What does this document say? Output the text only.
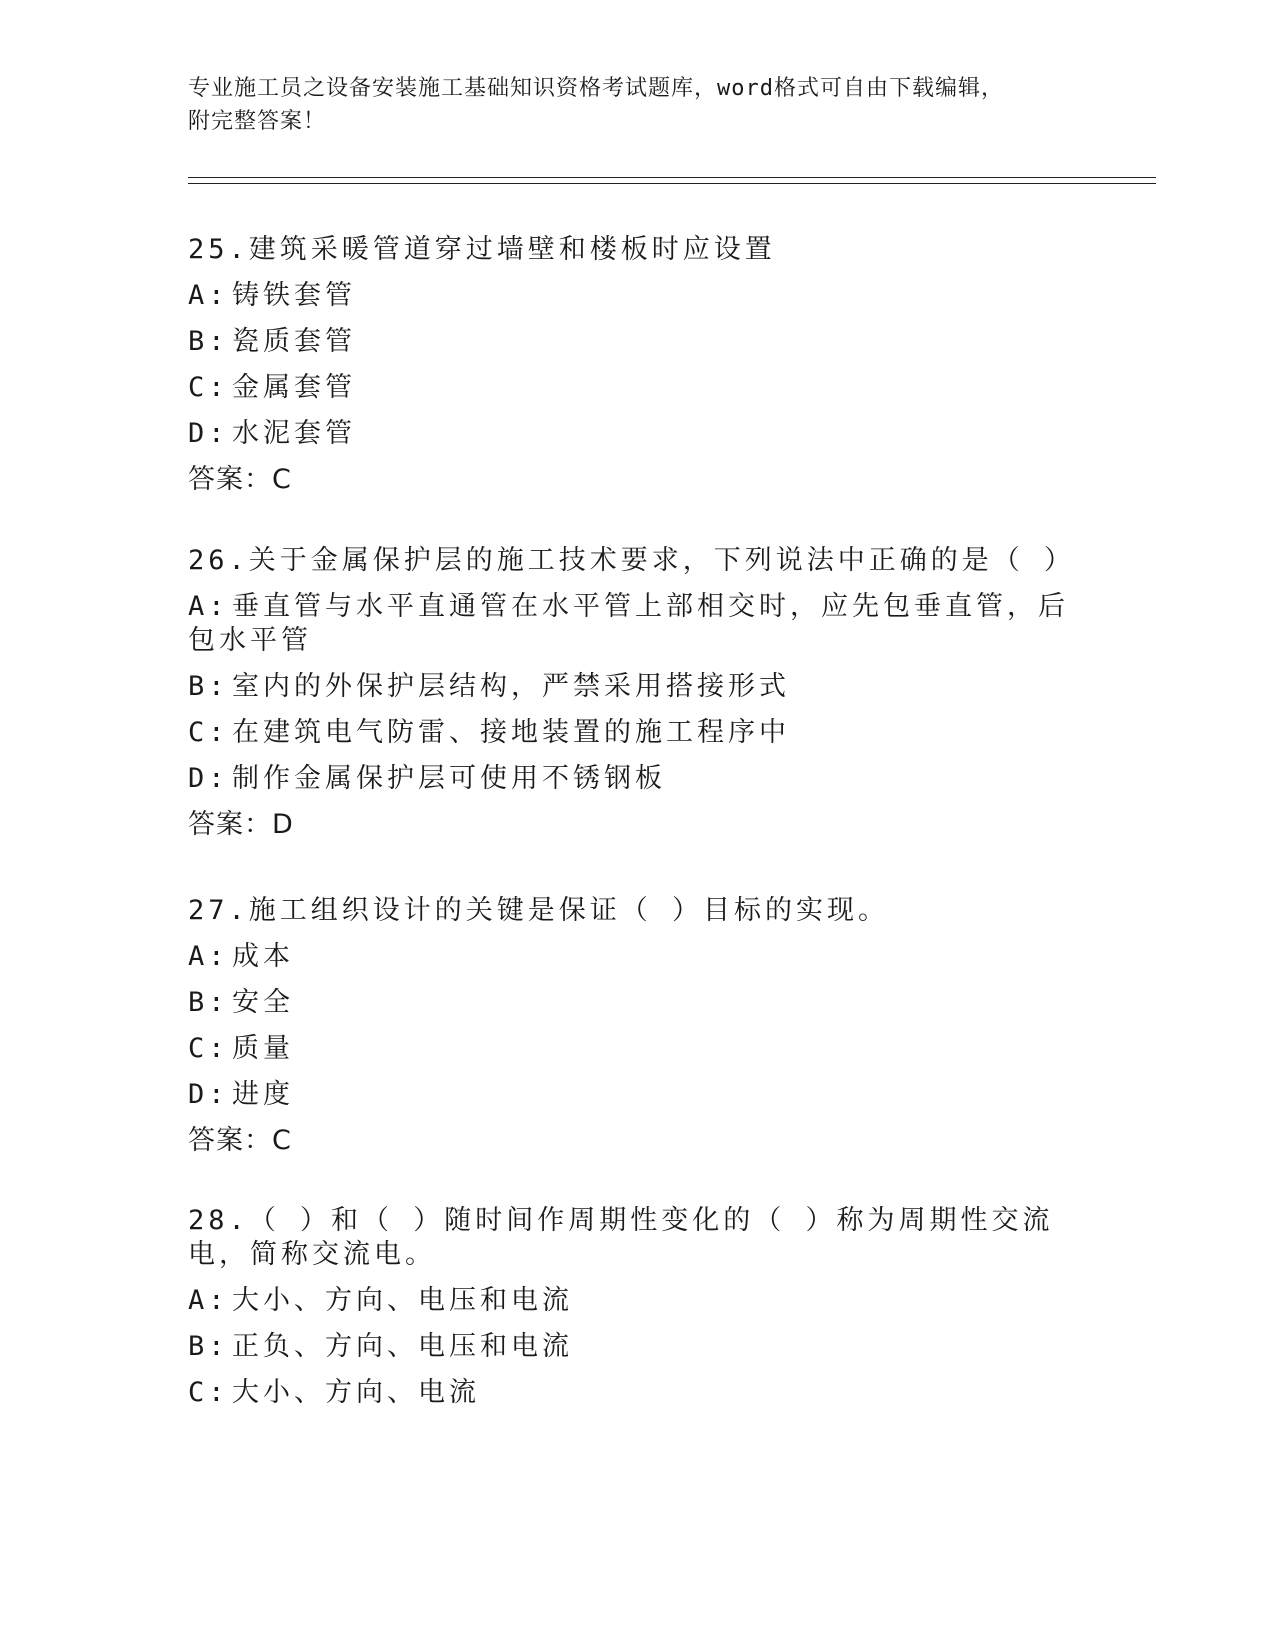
专业施工员之设备安装施工基础知识资格考试题库，word格式可自由下载编辑，
附完整答案！
25.建筑采暖管道穿过墙壁和楼板时应设置
A: 铸铁套管
B: 瓷质套管
C: 金属套管
D: 水泥套管
答案：C
26.关于金属保护层的施工技术要求，下列说法中正确的是（ ）
A: 垂直管与水平直通管在水平管上部相交时，应先包垂直管，后包水平管
B: 室内的外保护层结构，严禁采用搭接形式
C: 在建筑电气防雷、接地装置的施工程序中
D: 制作金属保护层可使用不锈钢板
答案：D
27.施工组织设计的关键是保证（ ）目标的实现。
A: 成本
B: 安全
C: 质量
D: 进度
答案：C
28.（ ）和（ ）随时间作周期性变化的（ ）称为周期性交流电，简称交流电。
A: 大小、方向、电压和电流
B: 正负、方向、电压和电流
C: 大小、方向、电流
